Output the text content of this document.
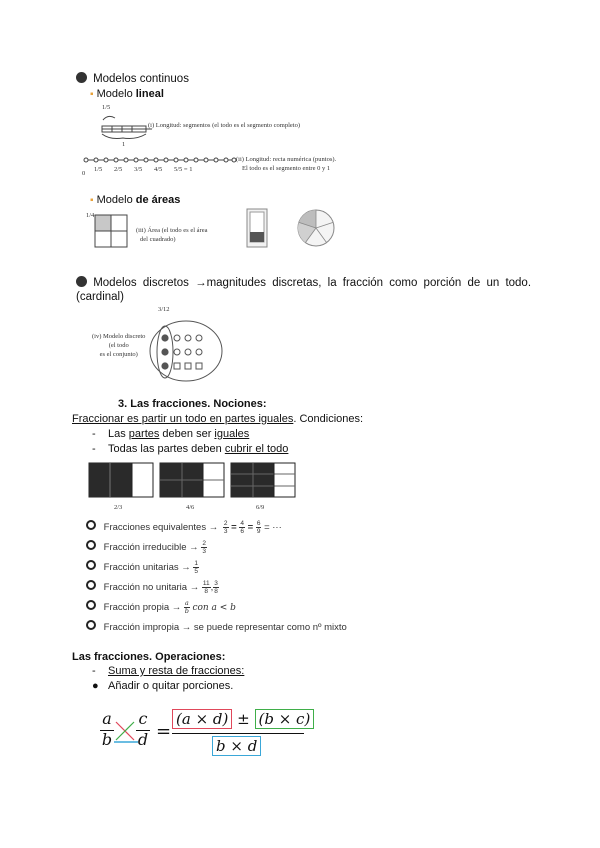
Modelos continuos
▪ Modelo lineal
1/5
1
(i) Longitud: segmentos (el todo es el segmento completo)
0
1/5 2/5 3/5 4/5 5/5 = 1
(ii) Longitud: recta numérica (puntos).
El todo es el segmento entre 0 y 1
▪ Modelo de áreas
1/4
(iii) Área (el todo es el área
del cuadrado)
Modelos discretos →magnitudes discretas, la fracción como porción de un todo.
(cardinal)
3/12
(iv) Modelo discreto
(el todo
es el conjunto)
3. Las fracciones. Nociones:
Fraccionar es partir un todo en partes iguales. Condiciones:
- Las partes deben ser iguales
- Todas las partes deben cubrir el todo
2/3	4/6	6/9
Fracciones equivalentes → $\frac{2}{3} = \frac{4}{6} = \frac{6}{9}$ = ···
Fracción irreducible → $\frac{2}{3}$
Fracción unitarias → $\frac{1}{5}$
Fracción no unitaria → $\frac{11}{8}$ , $\frac{3}{8}$
Fracción propia → $\frac{a}{b}$ con a < b
Fracción impropia → se puede representar como nº mixto
Las fracciones. Operaciones:
- Suma y resta de fracciones:
● Añadir o quitar porciones.
a
b
c
d =
(a × d) ± (b × c)
b × d
